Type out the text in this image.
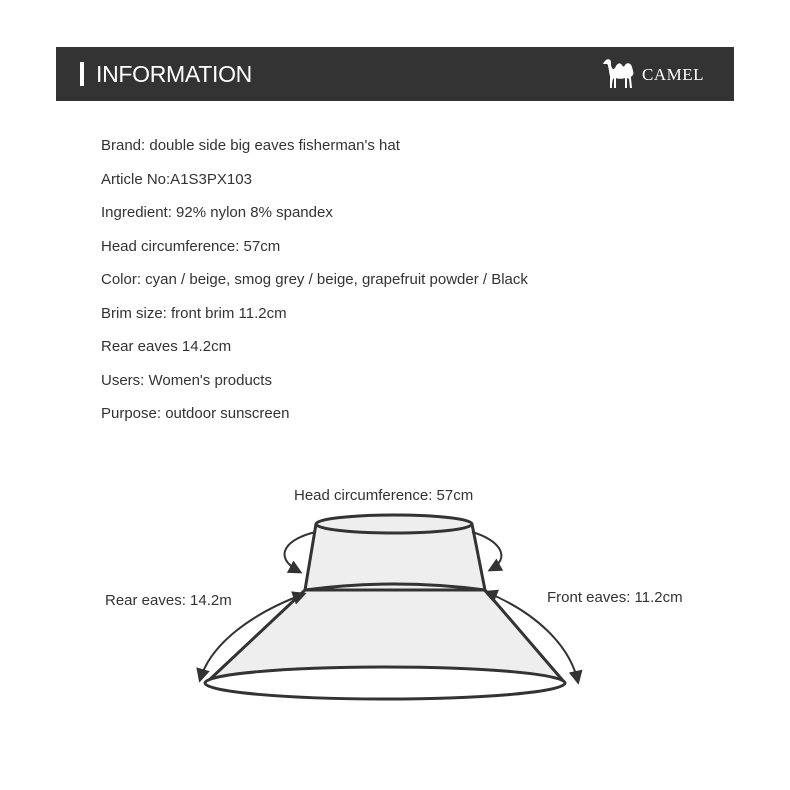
INFORMATION	CAMEL
Brand: double side big eaves fisherman's hat
Article No:A1S3PX103
Ingredient: 92% nylon 8% spandex
Head circumference: 57cm
Color: cyan / beige, smog grey / beige, grapefruit powder / Black
Brim size: front brim 11.2cm
Rear eaves 14.2cm
Users: Women's products
Purpose: outdoor sunscreen
Head circumference: 57cm
Rear eaves: 14.2m	Front eaves: 11.2cm
